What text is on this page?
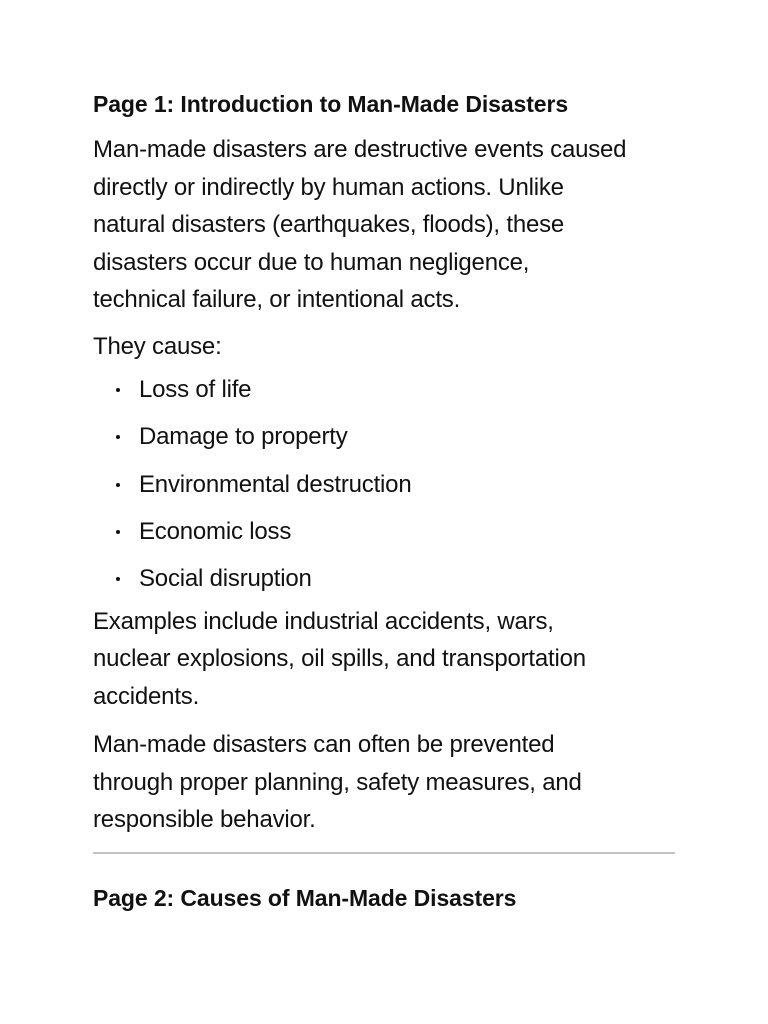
Page 1: Introduction to Man-Made Disasters

Man-made disasters are destructive events caused
directly or indirectly by human actions. Unlike
natural disasters (earthquakes, floods), these
disasters occur due to human negligence,
technical failure, or intentional acts.

They cause:

Loss of life
Damage to property
Environmental destruction
Economic loss
Social disruption

Examples include industrial accidents, wars,
nuclear explosions, oil spills, and transportation
accidents.

Man-made disasters can often be prevented
through proper planning, safety measures, and
responsible behavior.

Page 2: Causes of Man-Made Disasters
